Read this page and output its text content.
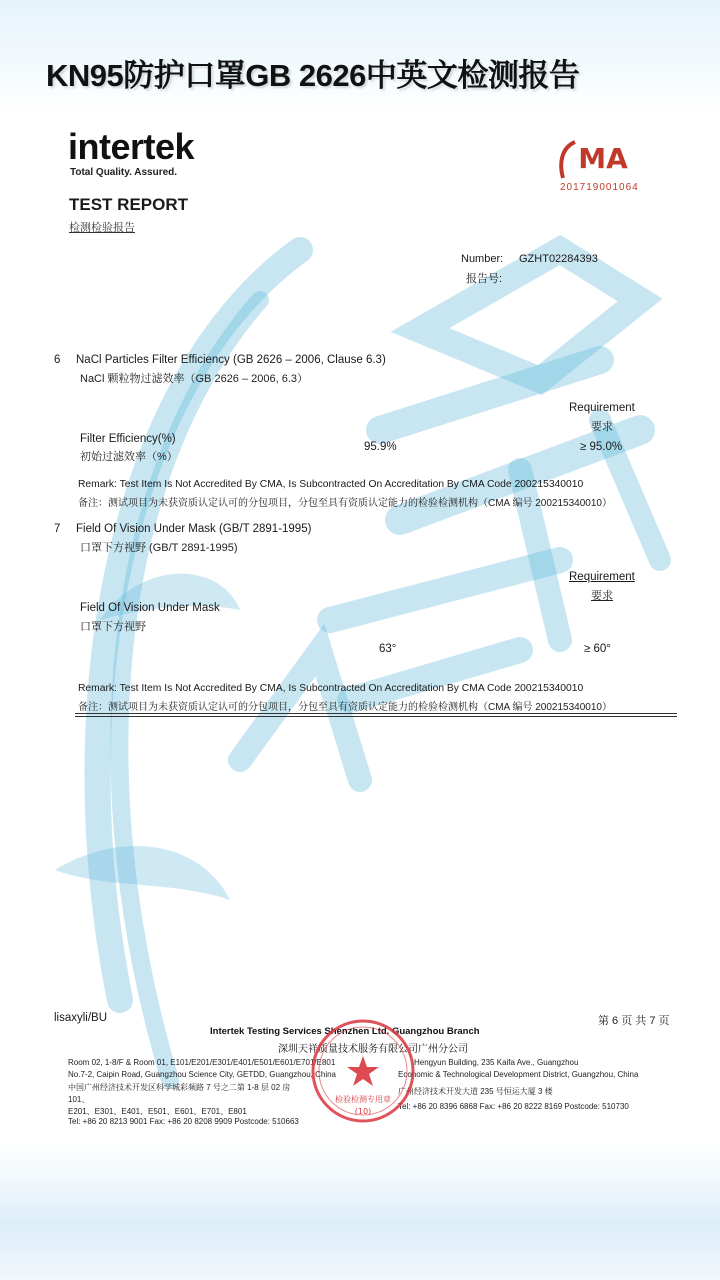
KN95防护口罩GB 2626中英文检测报告
intertek
Total Quality. Assured.	MA
201719001064
TEST REPORT
检测检验报告
Number: GZHT02284393
报告号:
6 NaCl Particles Filter Efficiency (GB 2626 – 2006, Clause 6.3)
NaCl 颗粒物过滤效率（GB 2626 – 2006, 6.3）
Requirement
要求
Filter Efficiency(%)
初始过滤效率（%）
95.9%	≥ 95.0%
Remark: Test Item Is Not Accredited By CMA, Is Subcontracted On Accreditation By CMA Code 200215340010
备注：测试项目为未获资质认定认可的分包项目，分包至具有资质认定能力的检验检测机构（CMA 编号 200215340010）
7 Field Of Vision Under Mask (GB/T 2891-1995)
口罩下方视野 (GB/T 2891-1995)
Requirement
要求
Field Of Vision Under Mask
口罩下方视野
63°	≥ 60°
Remark: Test Item Is Not Accredited By CMA, Is Subcontracted On Accreditation By CMA Code 200215340010
备注：测试项目为未获资质认定认可的分包项目，分包至具有资质认定能力的检验检测机构（CMA 编号 200215340010）
lisaxyli/BU	第 6 页 共 7 页
Intertek Testing Services Shenzhen Ltd. Guangzhou Branch
深圳天祥质量技术服务有限公司广州分公司
Room 02, 1-8/F & Room 01, E101/E201/E301/E401/E501/E601/E701/E801
No.7-2, Caipin Road, Guangzhou Science City, GETDD, Guangzhou, China
中国广州经济技术开发区科学城彩频路 7 号之二第 1-8 层 02 房
101、
E201、E301、E401、E501、E601、E701、E801
Tel: +86 20 8213 9001 Fax: +86 20 8208 9909 Postcode: 510663
Hengyun Building, 235 Kaifa Ave., Guangzhou
Economic & Technological Development District, Guangzhou, China
广州经济技术开发大道 235 号恒运大厦 3 楼
Tel: +86 20 8396 6868 Fax: +86 20 8222 8169 Postcode: 510730
检验检测专用章
(10)
